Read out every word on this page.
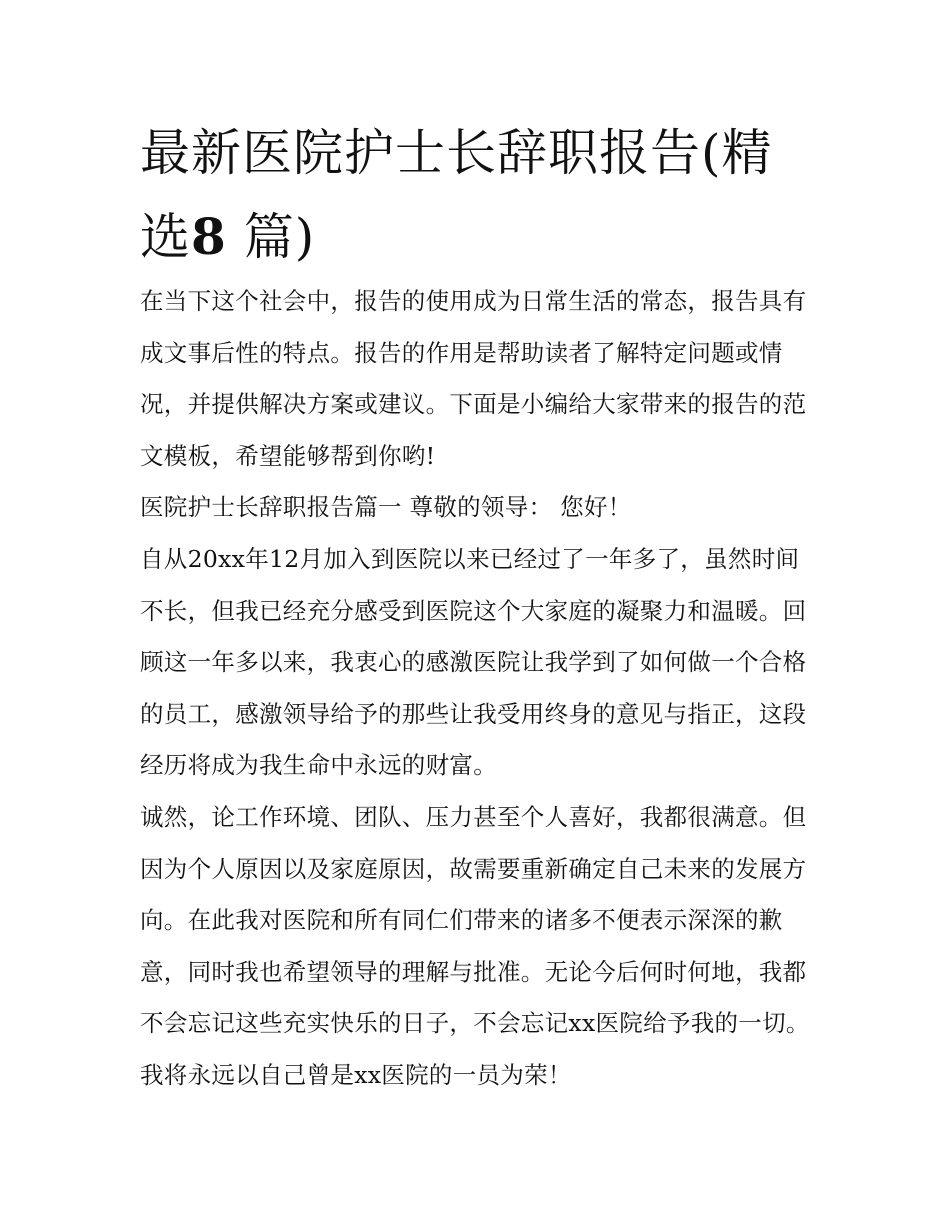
最新医院护士长辞职报告(精选8 篇)

在当下这个社会中，报告的使用成为日常生活的常态，报告具有成文事后性的特点。报告的作用是帮助读者了解特定问题或情况，并提供解决方案或建议。下面是小编给大家带来的报告的范文模板，希望能够帮到你哟!

医院护士长辞职报告篇一 尊敬的领导： 您好！

自从20xx年12月加入到医院以来已经过了一年多了，虽然时间不长，但我已经充分感受到医院这个大家庭的凝聚力和温暖。回顾这一年多以来，我衷心的感激医院让我学到了如何做一个合格的员工，感激领导给予的那些让我受用终身的意见与指正，这段经历将成为我生命中永远的财富。

诚然，论工作环境、团队、压力甚至个人喜好，我都很满意。但因为个人原因以及家庭原因，故需要重新确定自己未来的发展方向。在此我对医院和所有同仁们带来的诸多不便表示深深的歉意，同时我也希望领导的理解与批准。无论今后何时何地，我都不会忘记这些充实快乐的日子，不会忘记xx医院给予我的一切。我将永远以自己曾是xx医院的一员为荣！
